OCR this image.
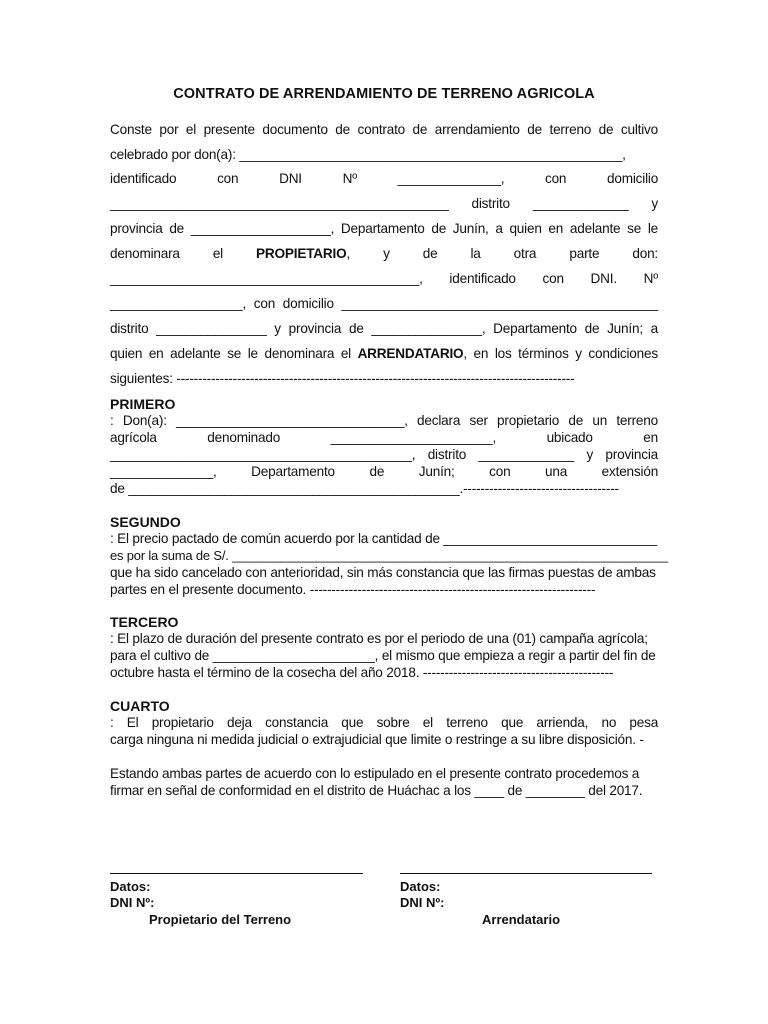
CONTRATO DE ARRENDAMIENTO DE TERRENO AGRICOLA
Conste por el presente documento de contrato de arrendamiento de terreno de cultivo
celebrado por don(a): ____________________________________________________,
identificado	con	DNI	Nº	______________,	con	domicilio
______________________________________________ distrito _____________ y
provincia de ___________________, Departamento de Junín, a quien en adelante se le
denominara el PROPIETARIO, y de la otra parte don:
__________________________________________, identificado con DNI. Nº
__________________, con domicilio ___________________________________________
distrito _______________ y provincia de _______________, Departamento de Junín; a
quien en adelante se le denominara el ARRENDATARIO, en los términos y condiciones
siguientes: --------------------------------------------------------------------------------------------
PRIMERO
: Don(a): _______________________________, declara ser propietario de un terreno
agrícola	denominado	______________________,	ubicado	en
_________________________________________, distrito _____________ y provincia
______________,	Departamento	de	Junín;	con	una	extensión
de _____________________________________________.------------------------------------
SEGUNDO
: El precio pactado de común acuerdo por la cantidad de _____________________________
es por la suma de S/. ______________________________________________________________
que ha sido cancelado con anterioridad, sin más constancia que las firmas puestas de ambas
partes en el presente documento. ------------------------------------------------------------------
TERCERO
: El plazo de duración del presente contrato es por el periodo de una (01) campaña agrícola;
para el cultivo de ______________________, el mismo que empieza a regir a partir del fin de
octubre hasta el término de la cosecha del año 2018. --------------------------------------------
CUARTO
: El propietario deja constancia que sobre el terreno que arrienda, no pesa
carga ninguna ni medida judicial o extrajudicial que limite o restringe a su libre disposición. -
Estando ambas partes de acuerdo con lo estipulado en el presente contrato procedemos a
firmar en señal de conformidad en el distrito de Huáchac a los ____ de ________ del 2017.
Datos:
DNI Nº:
Propietario del Terreno
Datos:
DNI Nº:
Arrendatario
